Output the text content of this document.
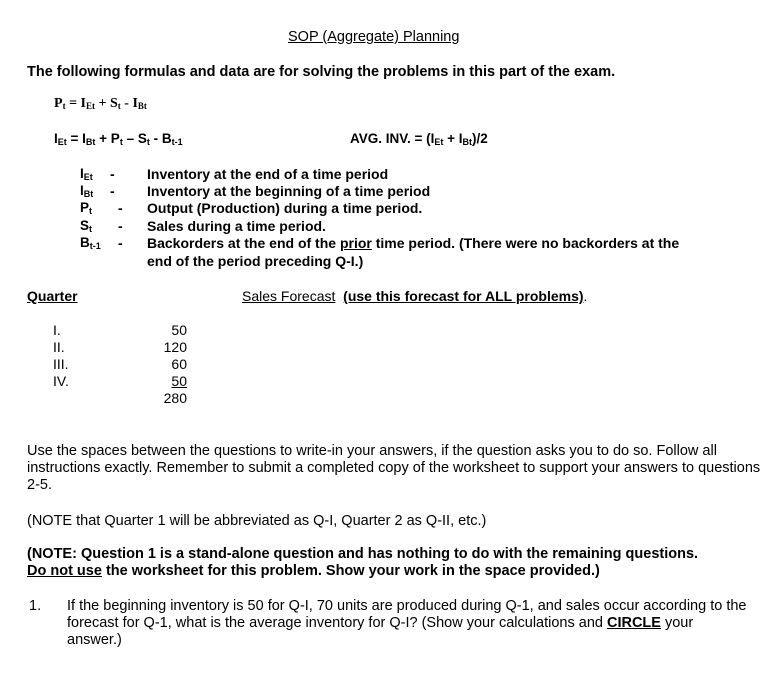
SOP (Aggregate) Planning
The following formulas and data are for solving the problems in this part of the exam.
$P_t = I_{Et} + S_t - I_{Bt}$
$I_{Et} = I_{Bt} + P_t - S_t - B_{t-1}$	AVG. INV. = $(I_{Et} + I_{Bt})/2$
$I_{Et}$ - Inventory at the end of a time period
$I_{Bt}$ - Inventory at the beginning of a time period
$P_t$ - Output (Production) during a time period.
$S_t$ - Sales during a time period.
$B_{t-1}$ - Backorders at the end of the prior time period. (There were no backorders at the
end of the period preceding Q-I.)
Quarter	Sales Forecast (use this forecast for ALL problems).
I.	50
II.	120
III.	60
IV.	50
280
Use the spaces between the questions to write-in your answers, if the question asks you to do so. Follow all instructions exactly. Remember to submit a completed copy of the worksheet to support your answers to questions 2-5.
(NOTE that Quarter 1 will be abbreviated as Q-I, Quarter 2 as Q-II, etc.)
(NOTE: Question 1 is a stand-alone question and has nothing to do with the remaining questions.
Do not use the worksheet for this problem. Show your work in the space provided.)
1. If the beginning inventory is 50 for Q-I, 70 units are produced during Q-1, and sales occur according to the forecast for Q-1, what is the average inventory for Q-I? (Show your calculations and CIRCLE your answer.)
